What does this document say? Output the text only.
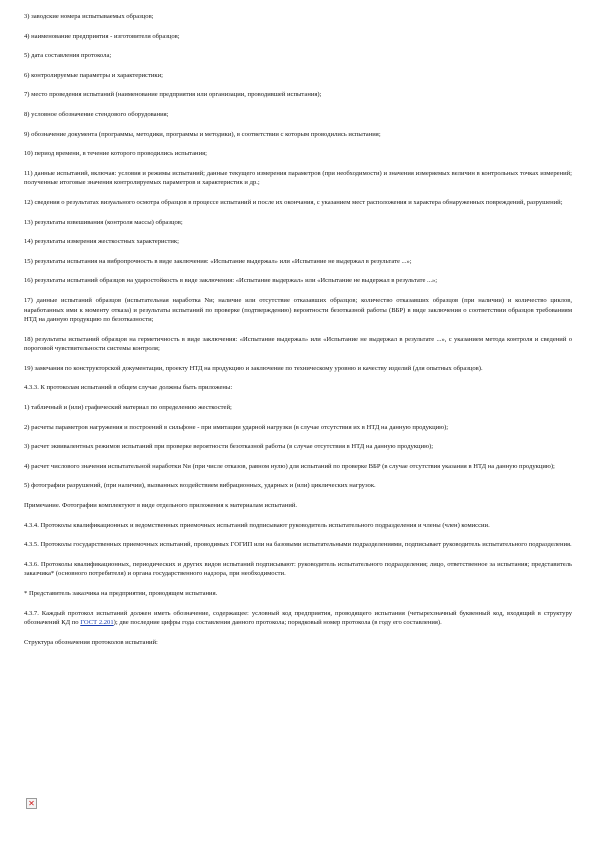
3) заводские номера испытываемых образцов;

4) наименование предприятия - изготовителя образцов;

5) дата составления протокола;

6) контролируемые параметры и характеристики;

7) место проведения испытаний (наименование предприятия или организации, проводившей испытания);

8) условное обозначение стендового оборудования;

9) обозначение документа (программы, методики, программы и методики), в соответствии с которым проводились испытания;

10) период времени, в течение которого проводились испытания;

11) данные испытаний, включая: условия и режимы испытаний; данные текущего измерения параметров (при необходимости) и значения измеряемых величин в контрольных точках измерений; полученные итоговые значения контролируемых параметров и характеристик и др.;

12) сведения о результатах визуального осмотра образцов в процессе испытаний и после их окончания, с указанием мест расположения и характера обнаруженных повреждений, разрушений;

13) результаты взвешивания (контроля массы) образцов;

14) результаты измерения жесткостных характеристик;

15) результаты испытания на вибропрочность в виде заключения: «Испытание выдержал» или «Испытание не выдержал в результате ...»;

16) результаты испытаний образцов на ударостойкость в виде заключения: «Испытание выдержал» или «Испытание не выдержал в результате ...»;

17) данные испытаний образцов (испытательная наработка Nи; наличие или отсутствие отказавших образцов; количество отказавших образцов (при наличии) и количество циклов, наработанных ими к моменту отказа) и результаты испытаний по проверке (подтверждению) вероятности безотказной работы (ВБР) в виде заключения о соответствии образцов требованиям НТД на данную продукцию по безотказности;

18) результаты испытаний образцов на герметичность в виде заключения: «Испытание выдержал» или «Испытание не выдержал в результате ...», с указанием метода контроля и сведений о пороговой чувствительности системы контроля;

19) замечания по конструкторской документации, проекту НТД на продукцию и заключение по техническому уровню и качеству изделий (для опытных образцов).

4.3.3. К протоколам испытаний в общем случае должны быть приложены:

1) табличный и (или) графический материал по определению жесткостей;

2) расчеты параметров нагружения и построений в сильфоне - при имитации ударной нагрузки (в случае отсутствия их в НТД на данную продукцию);

3) расчет эквивалентных режимов испытаний при проверке вероятности безотказной работы (в случае отсутствия в НТД на данную продукцию);

4) расчет числового значения испытательной наработки Nи (при числе отказов, равном нулю) для испытаний по проверке ВБР (в случае отсутствия указания в НТД на данную продукцию);

5) фотографии разрушений, (при наличии), вызванных воздействием вибрационных, ударных и (или) циклических нагрузок.

Примечание. Фотографии комплектуют в виде отдельного приложения к материалам испытаний.

4.3.4. Протоколы квалификационных и ведомственных приемочных испытаний подписывают руководитель испытательного подразделения и члены (член) комиссии.

4.3.5. Протоколы государственных приемочных испытаний, проводимых ГОГИП или на базовыми испытательными подразделениями, подписывает руководитель испытательного подразделения.

4.3.6. Протоколы квалификационных, периодических и других видов испытаний подписывают: руководитель испытательного подразделения; лицо, ответственное за испытания; представитель заказчика* (основного потребителя) и органа государственного надзора, при необходимости.

* Представитель заказчика на предприятии, проводящем испытания.

4.3.7. Каждый протокол испытаний должен иметь обозначение, содержащее: условный код предприятия, проводящего испытания (четырехзначный буквенный код, входящий в структуру обозначений КД по ГОСТ 2.201); две последние цифры года составления данного протокола; порядковый номер протокола (в году его составления).

Структура обозначения протоколов испытаний:

✕
